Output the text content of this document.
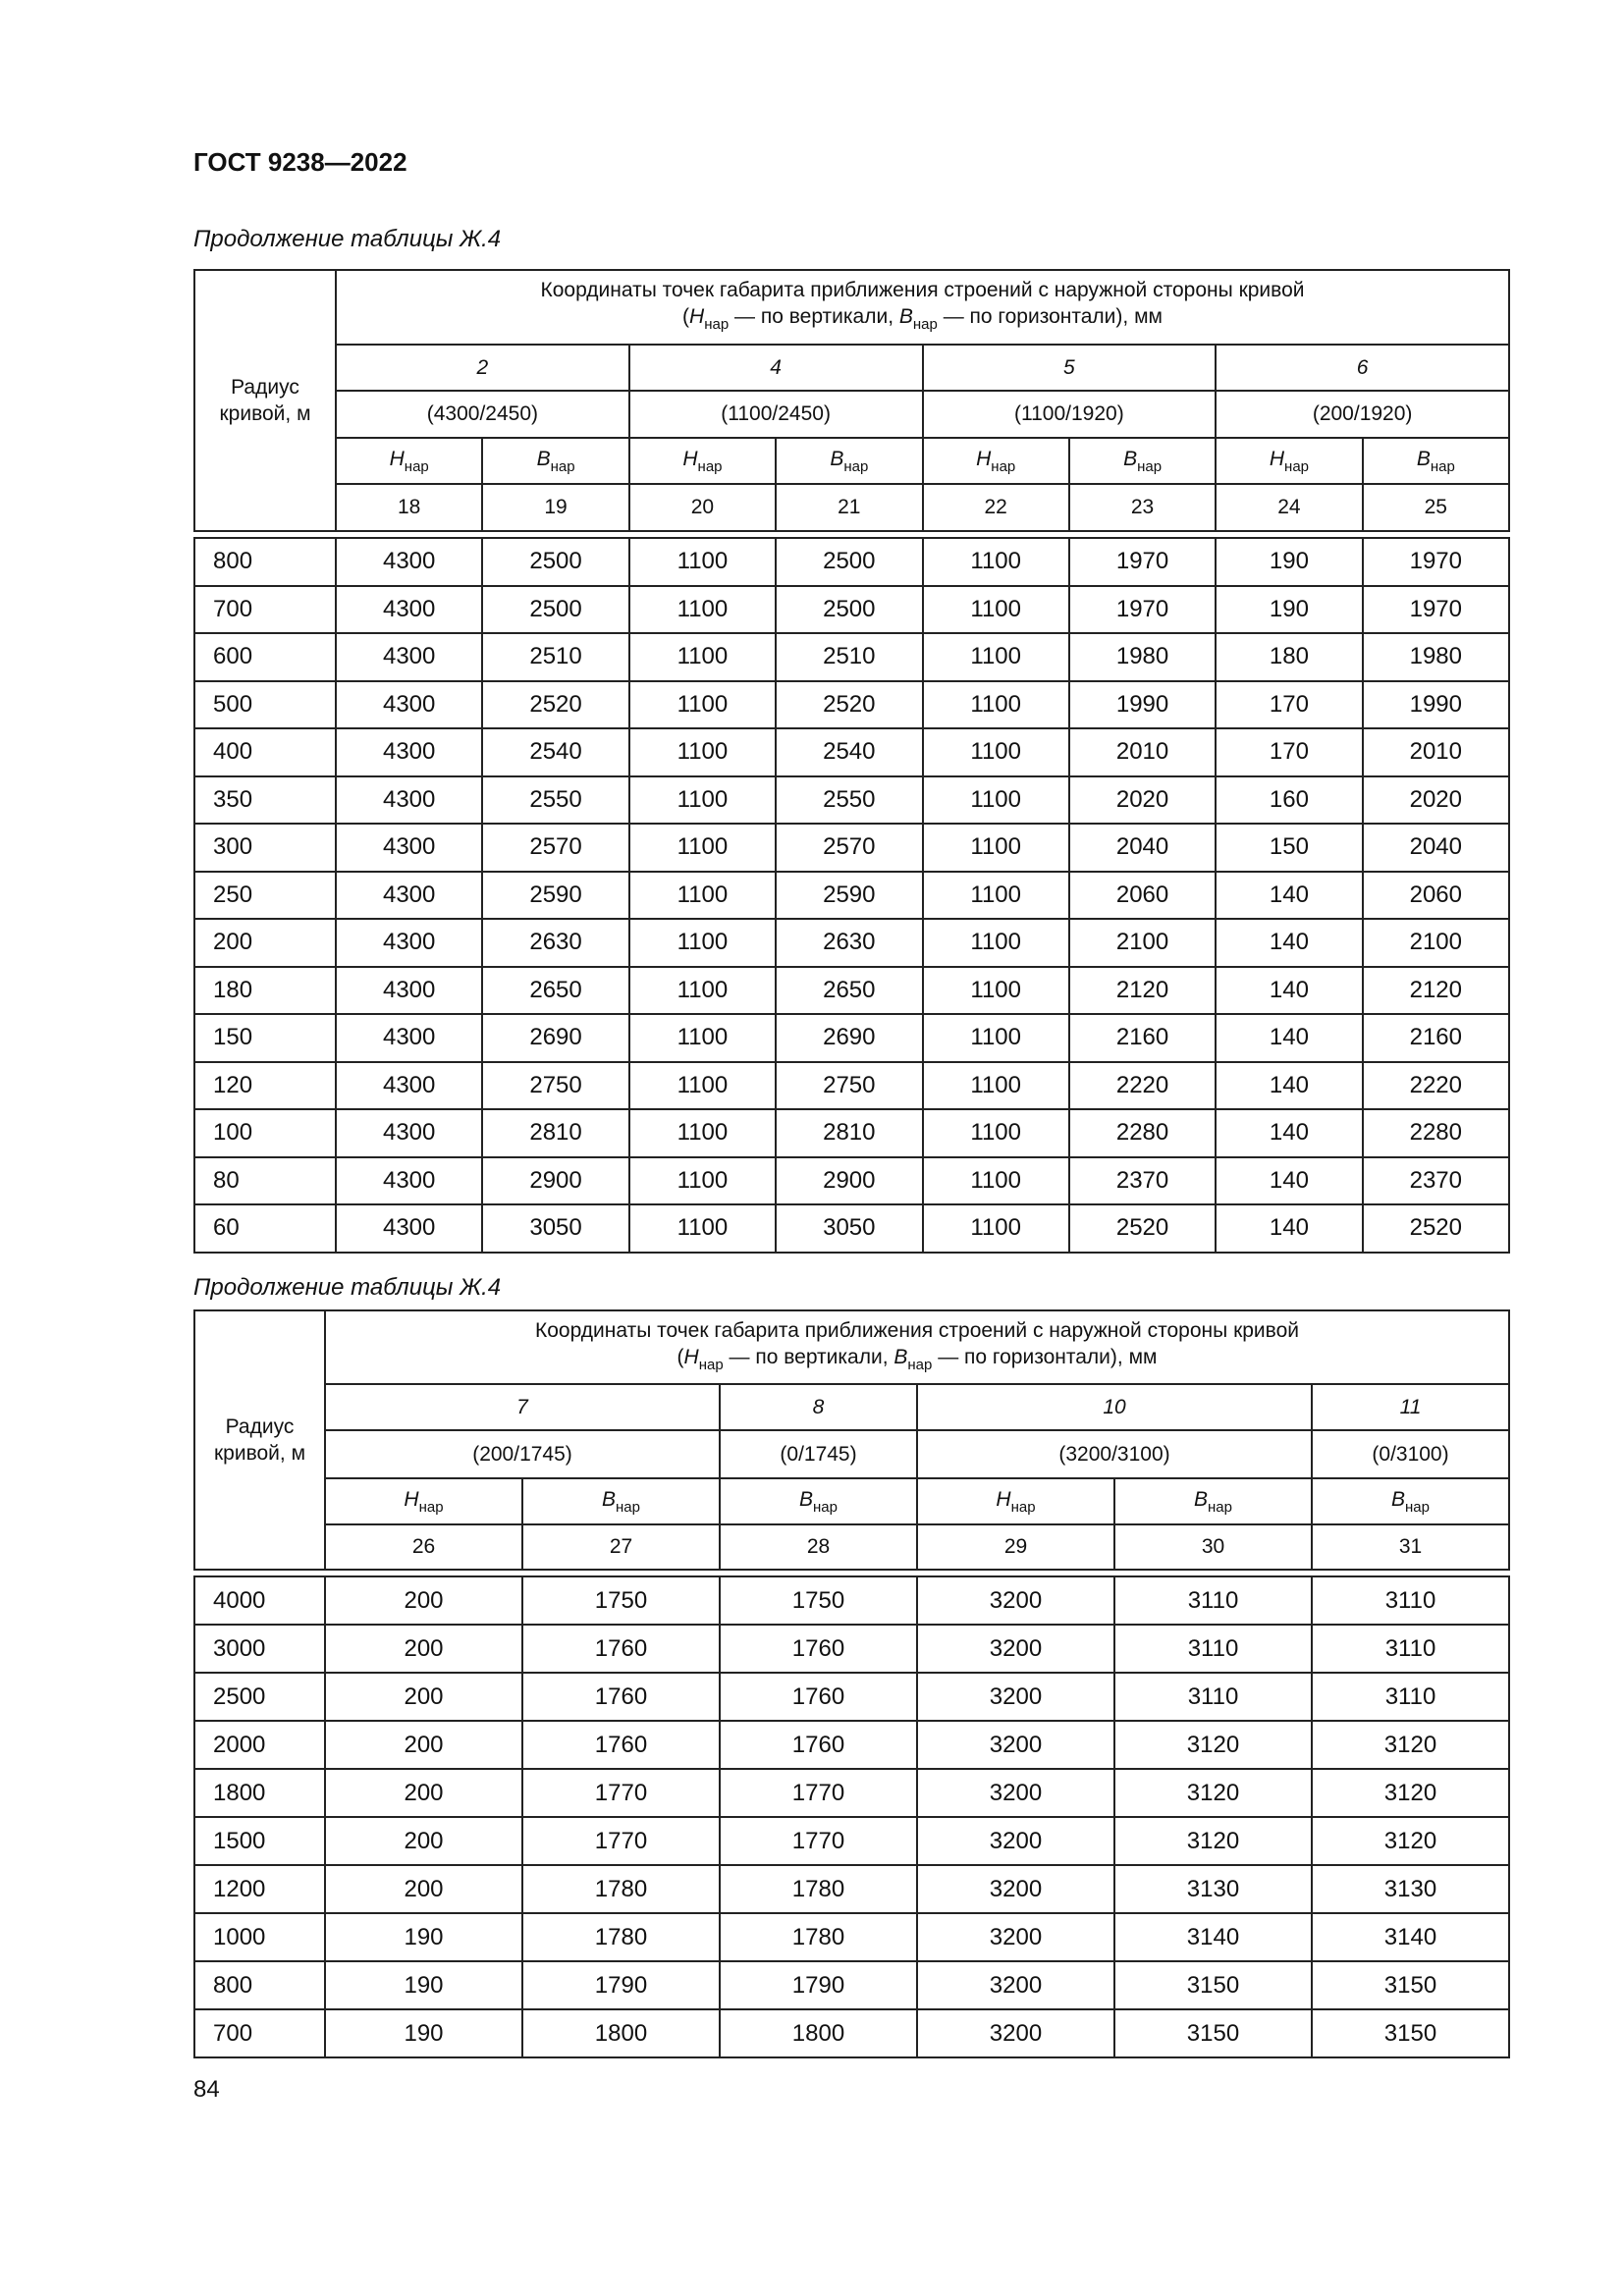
ГОСТ 9238—2022
Продолжение таблицы Ж.4
Радиус
кривой, м	Координаты точек габарита приближения строений с наружной стороны кривой
($H_{нар}$ — по вертикали, $B_{нар}$ — по горизонтали), мм							
	2		4		5		6	
	(4300/2450)		(1100/2450)		(1100/1920)		(200/1920)	
	$H_{нар}$	$B_{нар}$	$H_{нар}$	$B_{нар}$	$H_{нар}$	$B_{нар}$	$H_{нар}$	$B_{нар}$
	18	19	20	21	22	23	24	25

800	4300	2500	1100	2500	1100	1970	190	1970
700	4300	2500	1100	2500	1100	1970	190	1970
600	4300	2510	1100	2510	1100	1980	180	1980
500	4300	2520	1100	2520	1100	1990	170	1990
400	4300	2540	1100	2540	1100	2010	170	2010
350	4300	2550	1100	2550	1100	2020	160	2020
300	4300	2570	1100	2570	1100	2040	150	2040
250	4300	2590	1100	2590	1100	2060	140	2060
200	4300	2630	1100	2630	1100	2100	140	2100
180	4300	2650	1100	2650	1100	2120	140	2120
150	4300	2690	1100	2690	1100	2160	140	2160
120	4300	2750	1100	2750	1100	2220	140	2220
100	4300	2810	1100	2810	1100	2280	140	2280
80	4300	2900	1100	2900	1100	2370	140	2370
60	4300	3050	1100	3050	1100	2520	140	2520
Продолжение таблицы Ж.4
Радиус
кривой, м	Координаты точек габарита приближения строений с наружной стороны кривой
($H_{нар}$ — по вертикали, $B_{нар}$ — по горизонтали), мм					
	7		8	10		11
	(200/1745)		(0/1745)	(3200/3100)		(0/3100)
	$H_{нар}$	$B_{нар}$	$B_{нар}$	$H_{нар}$	$B_{нар}$	$B_{нар}$
	26	27	28	29	30	31

4000	200	1750	1750	3200	3110	3110
3000	200	1760	1760	3200	3110	3110
2500	200	1760	1760	3200	3110	3110
2000	200	1760	1760	3200	3120	3120
1800	200	1770	1770	3200	3120	3120
1500	200	1770	1770	3200	3120	3120
1200	200	1780	1780	3200	3130	3130
1000	190	1780	1780	3200	3140	3140
800	190	1790	1790	3200	3150	3150
700	190	1800	1800	3200	3150	3150
84
